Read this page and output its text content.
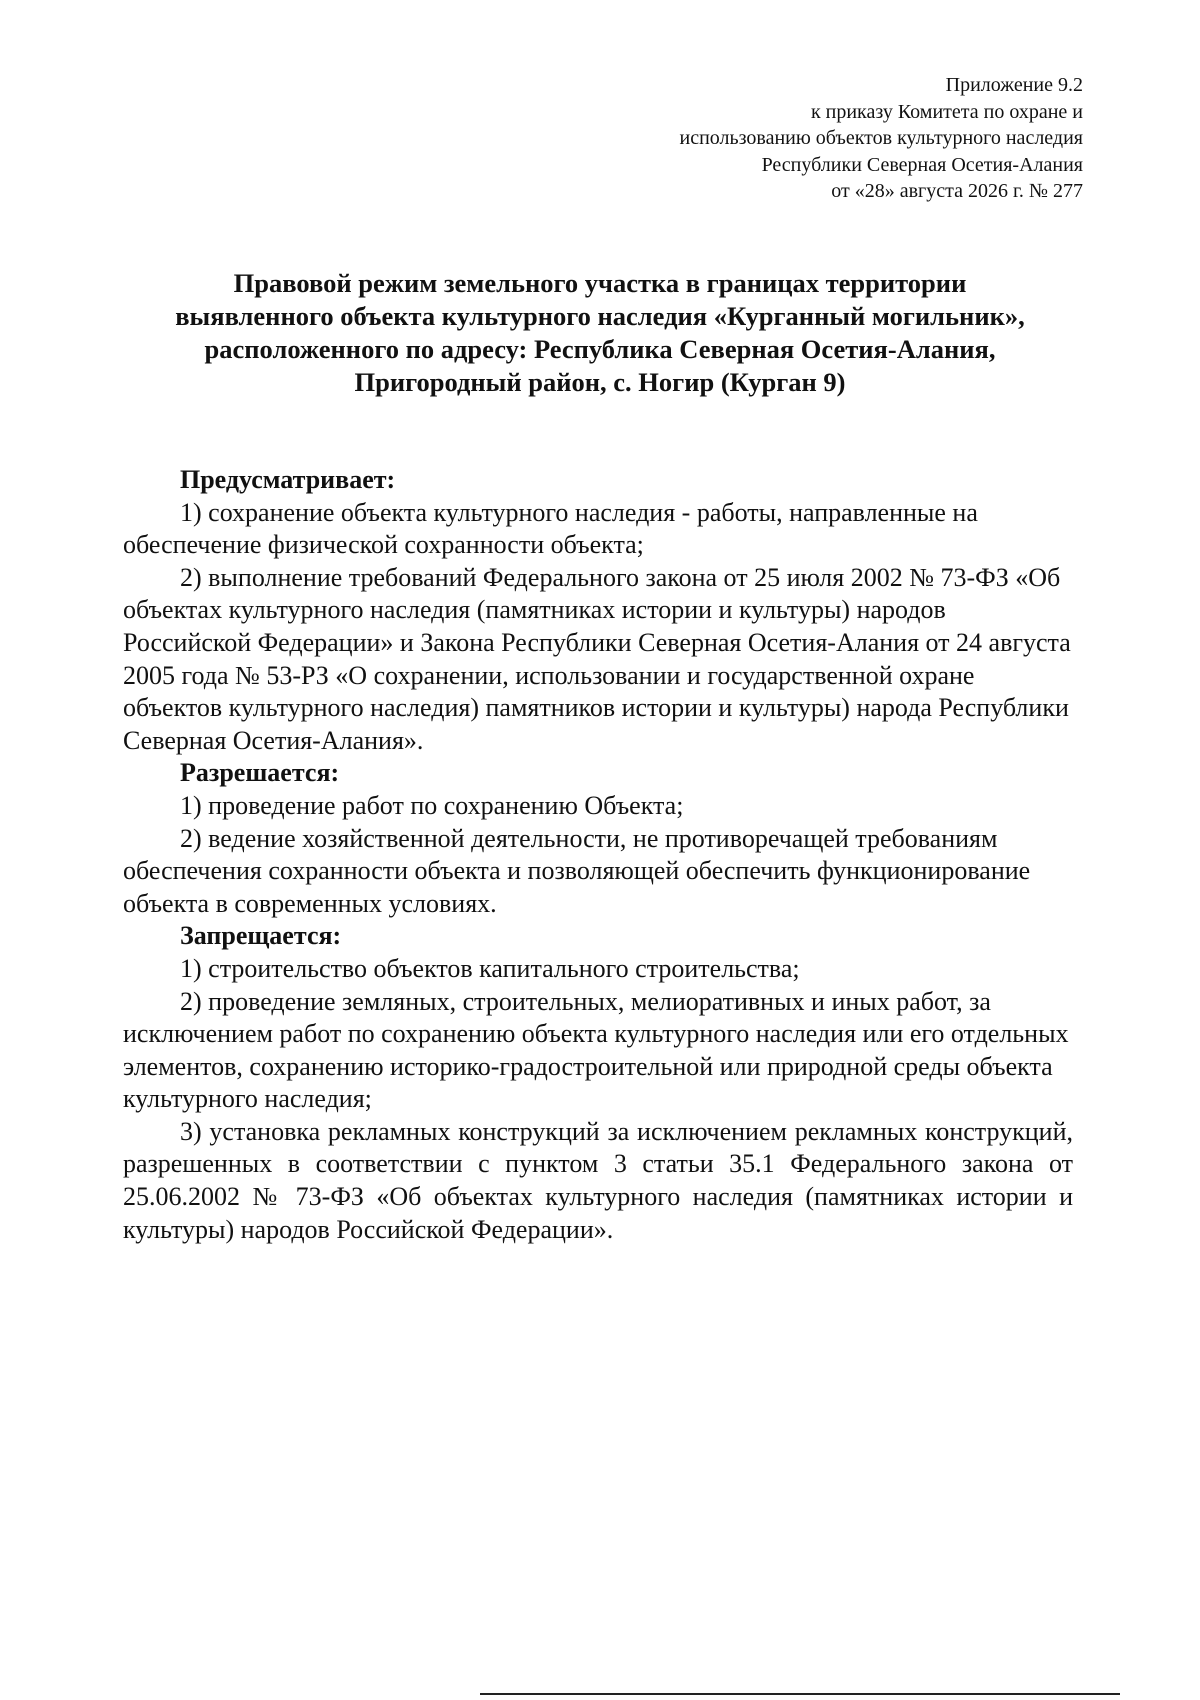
Приложение 9.2
к приказу Комитета по охране и
использованию объектов культурного наследия
Республики Северная Осетия-Алания
от «28» августа 2026 г. № 277
Правовой режим земельного участка в границах территории
выявленного объекта культурного наследия «Курганный могильник»,
расположенного по адресу: Республика Северная Осетия-Алания,
Пригородный район, с. Ногир (Курган 9)
Предусматривает:
1) сохранение объекта культурного наследия - работы, направленные на обеспечение физической сохранности объекта;
2) выполнение требований Федерального закона от 25 июля 2002 № 73-ФЗ «Об объектах культурного наследия (памятниках истории и культуры) народов Российской Федерации» и Закона Республики Северная Осетия-Алания от 24 августа 2005 года № 53-РЗ «О сохранении, использовании и государственной охране объектов культурного наследия) памятников истории и культуры) народа Республики Северная Осетия-Алания».
Разрешается:
1) проведение работ по сохранению Объекта;
2) ведение хозяйственной деятельности, не противоречащей требованиям обеспечения сохранности объекта и позволяющей обеспечить функционирование объекта в современных условиях.
Запрещается:
1) строительство объектов капитального строительства;
2) проведение земляных, строительных, мелиоративных и иных работ, за исключением работ по сохранению объекта культурного наследия или его отдельных элементов, сохранению историко-градостроительной или природной среды объекта культурного наследия;
3) установка рекламных конструкций за исключением рекламных конструкций, разрешенных в соответствии с пунктом 3 статьи 35.1 Федерального закона от 25.06.2002 № 73-ФЗ «Об объектах культурного наследия (памятниках истории и культуры) народов Российской Федерации».
